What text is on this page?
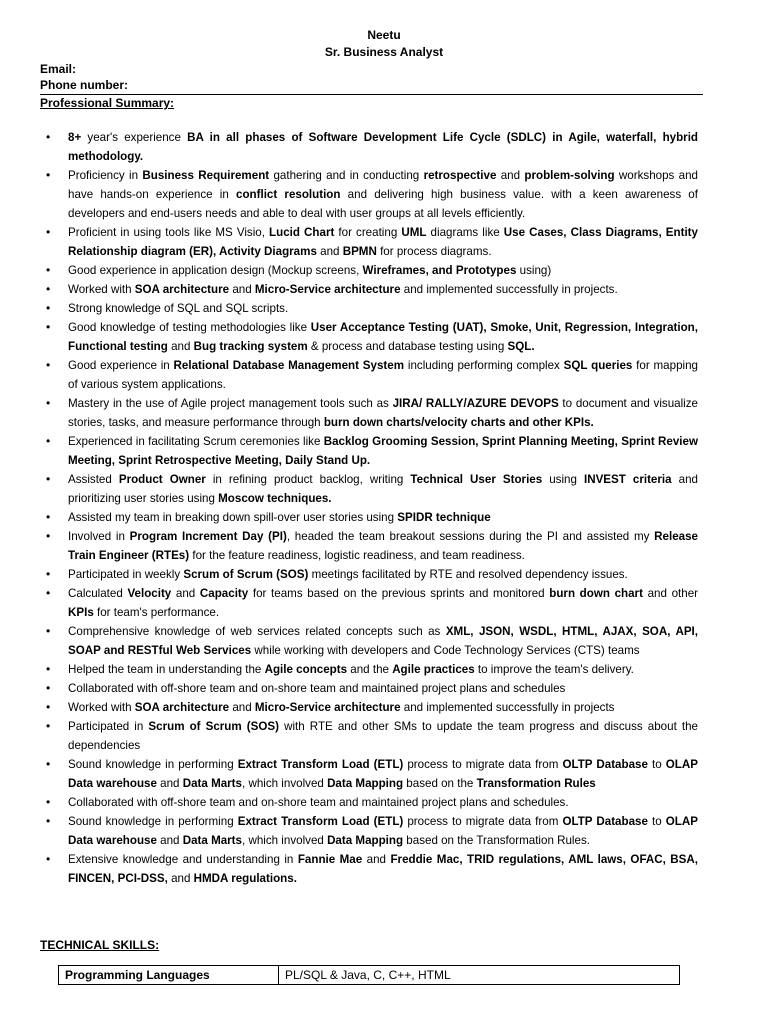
Neetu
Sr. Business Analyst
Email:
Phone number:
Professional Summary:
• 8+ year's experience BA in all phases of Software Development Life Cycle (SDLC) in Agile, waterfall, hybrid methodology.
• Proficiency in Business Requirement gathering and in conducting retrospective and problem-solving workshops and have hands-on experience in conflict resolution and delivering high business value. with a keen awareness of developers and end-users needs and able to deal with user groups at all levels efficiently.
• Proficient in using tools like MS Visio, Lucid Chart for creating UML diagrams like Use Cases, Class Diagrams, Entity Relationship diagram (ER), Activity Diagrams and BPMN for process diagrams.
• Good experience in application design (Mockup screens, Wireframes, and Prototypes using)
• Worked with SOA architecture and Micro-Service architecture and implemented successfully in projects.
• Strong knowledge of SQL and SQL scripts.
• Good knowledge of testing methodologies like User Acceptance Testing (UAT), Smoke, Unit, Regression, Integration, Functional testing and Bug tracking system & process and database testing using SQL.
• Good experience in Relational Database Management System including performing complex SQL queries for mapping of various system applications.
• Mastery in the use of Agile project management tools such as JIRA/ RALLY/AZURE DEVOPS to document and visualize stories, tasks, and measure performance through burn down charts/velocity charts and other KPIs.
• Experienced in facilitating Scrum ceremonies like Backlog Grooming Session, Sprint Planning Meeting, Sprint Review Meeting, Sprint Retrospective Meeting, Daily Stand Up.
• Assisted Product Owner in refining product backlog, writing Technical User Stories using INVEST criteria and prioritizing user stories using Moscow techniques.
• Assisted my team in breaking down spill-over user stories using SPIDR technique
• Involved in Program Increment Day (PI), headed the team breakout sessions during the PI and assisted my Release Train Engineer (RTEs) for the feature readiness, logistic readiness, and team readiness.
• Participated in weekly Scrum of Scrum (SOS) meetings facilitated by RTE and resolved dependency issues.
• Calculated Velocity and Capacity for teams based on the previous sprints and monitored burn down chart and other KPIs for team's performance.
• Comprehensive knowledge of web services related concepts such as XML, JSON, WSDL, HTML, AJAX, SOA, API, SOAP and RESTful Web Services while working with developers and Code Technology Services (CTS) teams
• Helped the team in understanding the Agile concepts and the Agile practices to improve the team's delivery.
• Collaborated with off-shore team and on-shore team and maintained project plans and schedules
• Worked with SOA architecture and Micro-Service architecture and implemented successfully in projects
• Participated in Scrum of Scrum (SOS) with RTE and other SMs to update the team progress and discuss about the dependencies
• Sound knowledge in performing Extract Transform Load (ETL) process to migrate data from OLTP Database to OLAP Data warehouse and Data Marts, which involved Data Mapping based on the Transformation Rules
• Collaborated with off-shore team and on-shore team and maintained project plans and schedules.
• Sound knowledge in performing Extract Transform Load (ETL) process to migrate data from OLTP Database to OLAP Data warehouse and Data Marts, which involved Data Mapping based on the Transformation Rules.
• Extensive knowledge and understanding in Fannie Mae and Freddie Mac, TRID regulations, AML laws, OFAC, BSA, FINCEN, PCI-DSS, and HMDA regulations.
TECHNICAL SKILLS:
Programming Languages	PL/SQL & Java, C, C++, HTML
